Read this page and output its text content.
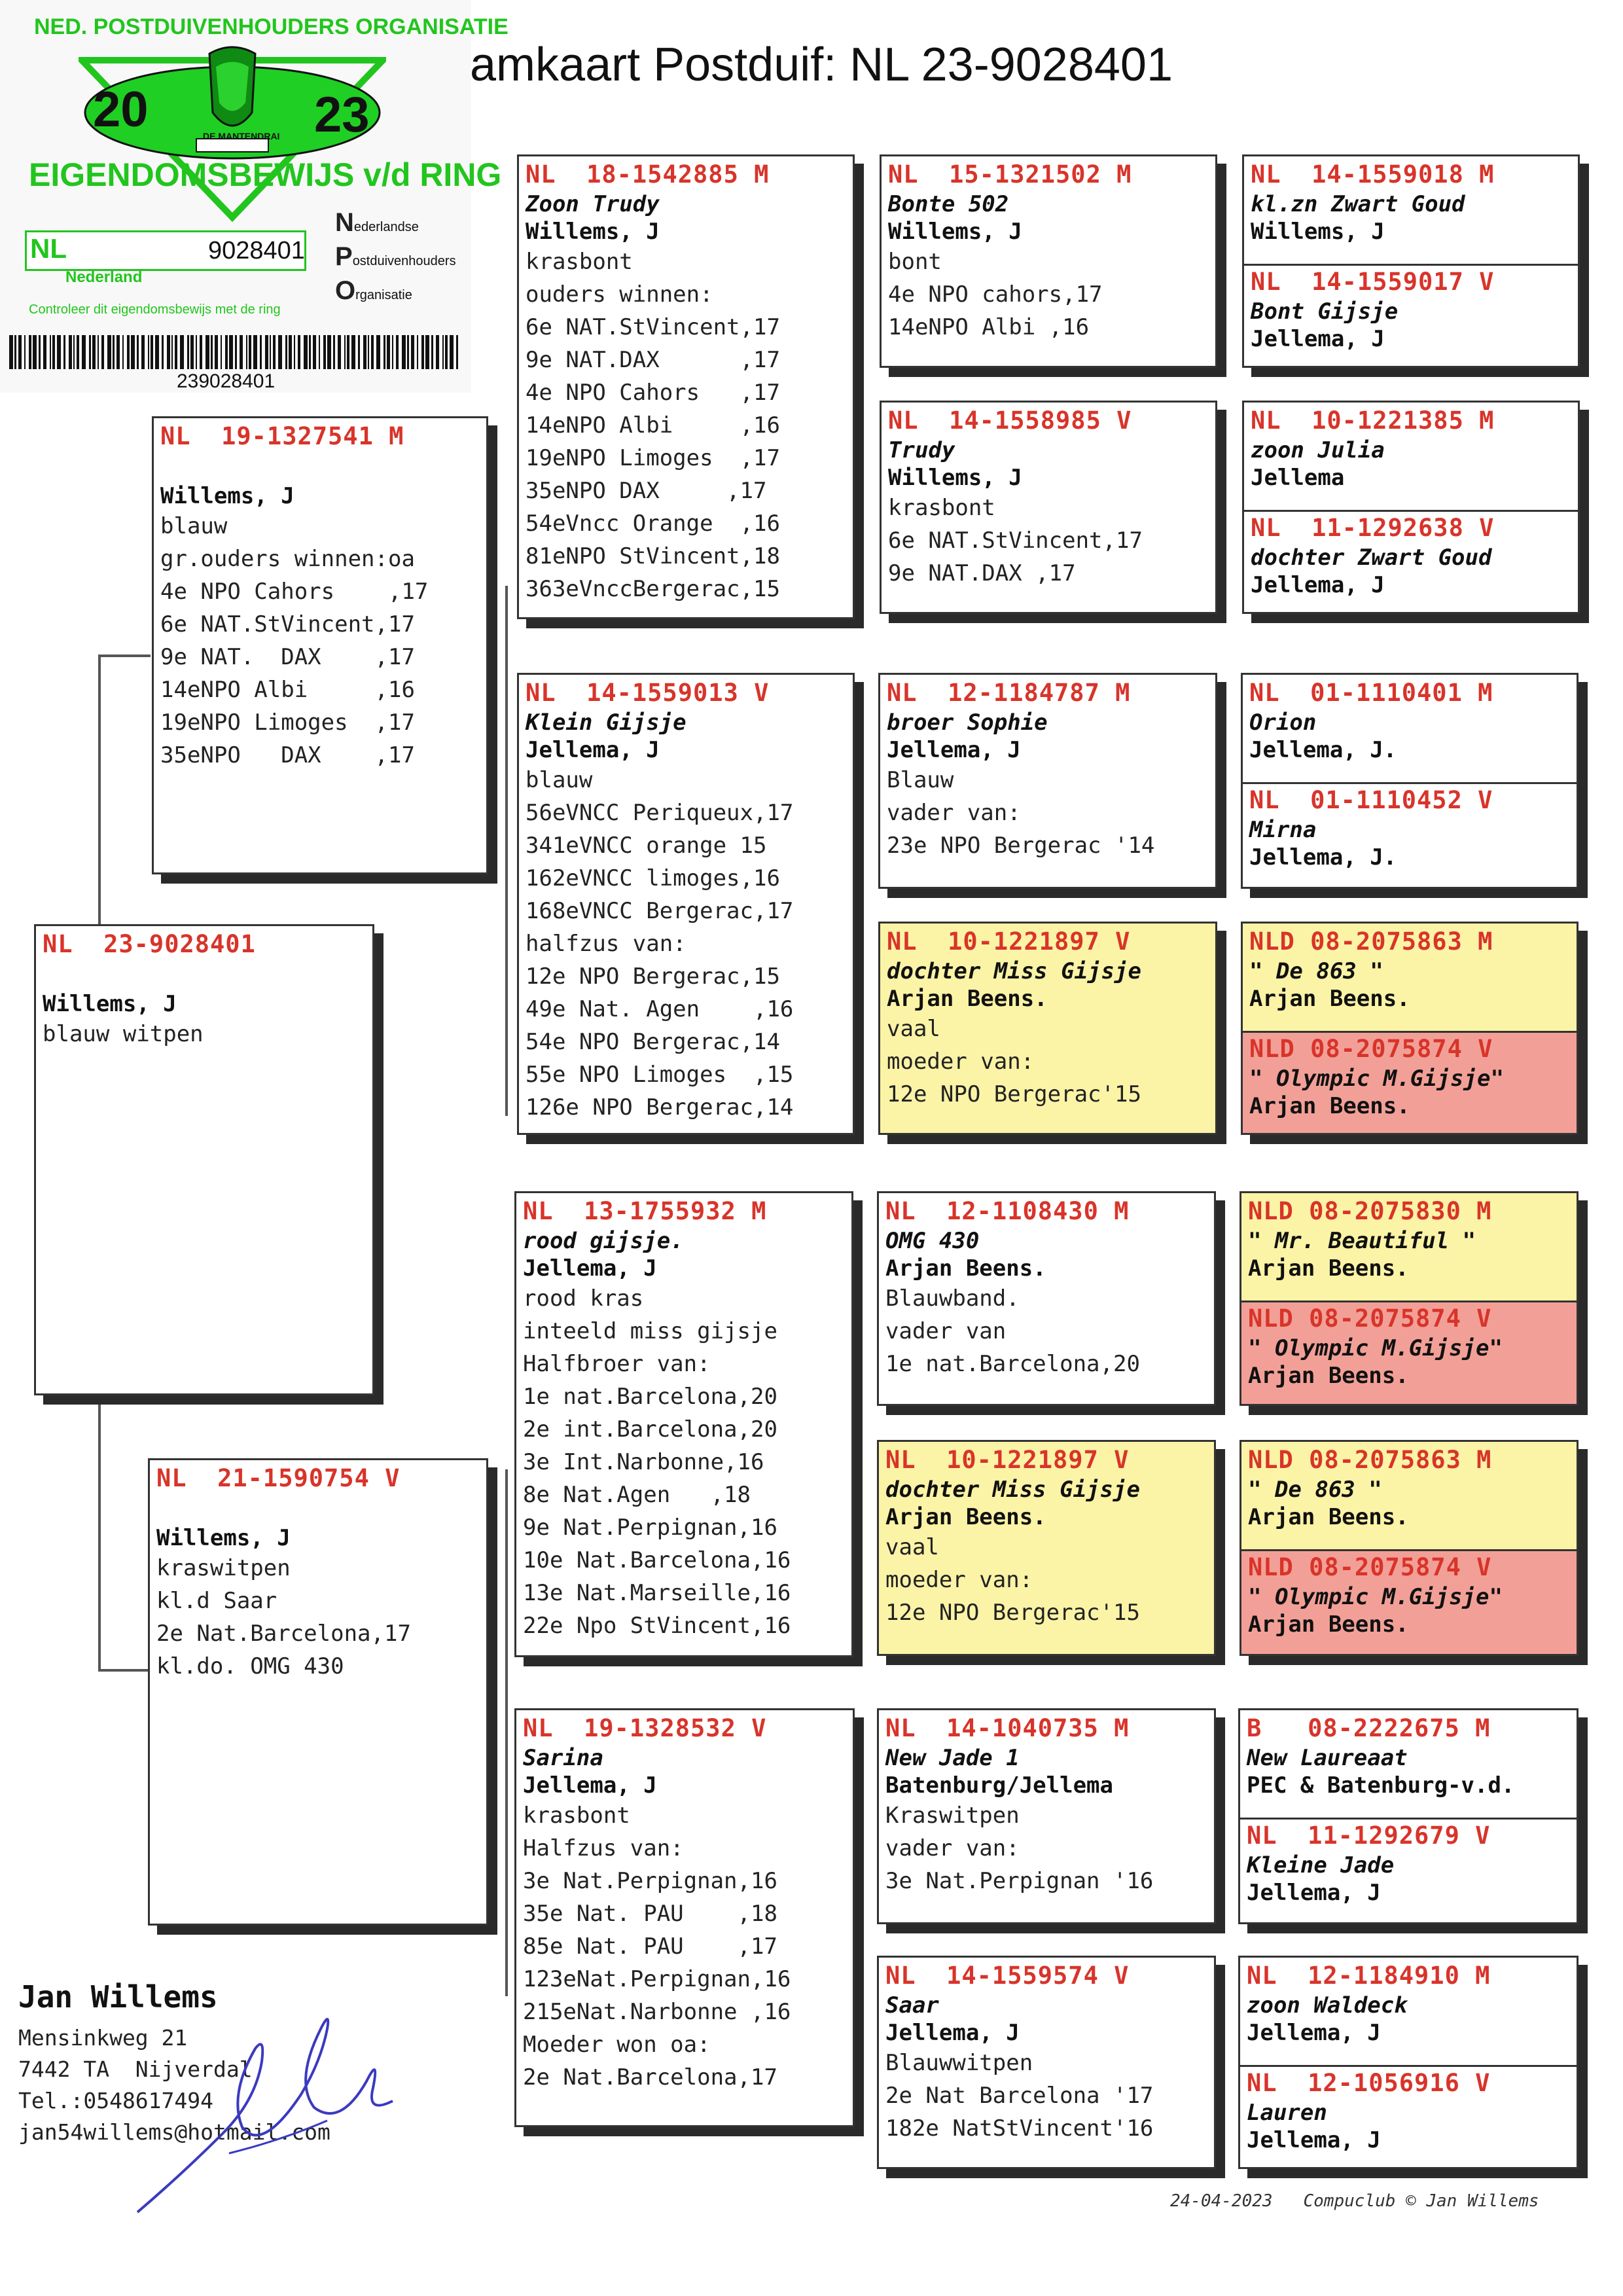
NED. POSTDUIVENHOUDERS ORGANISATIE
20	23
DE MANTENDRAI
EIGENDOMSBEWIJS v/d RING
NL	9028401
Nederland
Controleer dit eigendomsbewijs met de ring
Nederlandse
Postduivenhouders
Organisatie
239028401
amkaart Postduif: NL 23-9028401
NL  23-9028401
Willems, J
blauw witpen
NL  19-1327541 M
Willems, J
blauw
gr.ouders winnen:oa
4e NPO Cahors    ,17
6e NAT.StVincent,17
9e NAT.  DAX    ,17
14eNPO Albi     ,16
19eNPO Limoges  ,17
35eNPO   DAX    ,17
NL  21-1590754 V
Willems, J
kraswitpen
kl.d Saar
2e Nat.Barcelona,17
kl.do. OMG 430
NL  18-1542885 M
Zoon Trudy
Willems, J
krasbont
ouders winnen:
6e NAT.StVincent,17
9e NAT.DAX      ,17
4e NPO Cahors   ,17
14eNPO Albi     ,16
19eNPO Limoges  ,17
35eNPO DAX     ,17
54eVncc Orange  ,16
81eNPO StVincent,18
363eVnccBergerac,15
NL  14-1559013 V
Klein Gijsje
Jellema, J
blauw
56eVNCC Periqueux,17
341eVNCC orange 15
162eVNCC limoges,16
168eVNCC Bergerac,17
halfzus van:
12e NPO Bergerac,15
49e Nat. Agen    ,16
54e NPO Bergerac,14
55e NPO Limoges  ,15
126e NPO Bergerac,14
NL  13-1755932 M
rood gijsje.
Jellema, J
rood kras
inteeld miss gijsje
Halfbroer van:
1e nat.Barcelona,20
2e int.Barcelona,20
3e Int.Narbonne,16
8e Nat.Agen   ,18
9e Nat.Perpignan,16
10e Nat.Barcelona,16
13e Nat.Marseille,16
22e Npo StVincent,16
NL  19-1328532 V
Sarina
Jellema, J
krasbont
Halfzus van:
3e Nat.Perpignan,16
35e Nat. PAU    ,18
85e Nat. PAU    ,17
123eNat.Perpignan,16
215eNat.Narbonne ,16
Moeder won oa:
2e Nat.Barcelona,17
NL  15-1321502 M
Bonte 502
Willems, J
bont
4e NPO cahors,17
14eNPO Albi ,16
NL  14-1558985 V
Trudy
Willems, J
krasbont
6e NAT.StVincent,17
9e NAT.DAX ,17
NL  12-1184787 M
broer Sophie
Jellema, J
Blauw
vader van:
23e NPO Bergerac '14
NL  10-1221897 V
dochter Miss Gijsje
Arjan Beens.
vaal
moeder van:
12e NPO Bergerac'15
NL  12-1108430 M
OMG 430
Arjan Beens.
Blauwband.
vader van
1e nat.Barcelona,20
NL  10-1221897 V
dochter Miss Gijsje
Arjan Beens.
vaal
moeder van:
12e NPO Bergerac'15
NL  14-1040735 M
New Jade 1
Batenburg/Jellema
Kraswitpen
vader van:
3e Nat.Perpignan '16
NL  14-1559574 V
Saar
Jellema, J
Blauwwitpen
2e Nat Barcelona '17
182e NatStVincent'16
NL  14-1559018 M
kl.zn Zwart Goud
Willems, J
NL  14-1559017 V
Bont Gijsje
Jellema, J
NL  10-1221385 M
zoon Julia
Jellema
NL  11-1292638 V
dochter Zwart Goud
Jellema, J
NL  01-1110401 M
Orion
Jellema, J.
NL  01-1110452 V
Mirna
Jellema, J.
NLD 08-2075863 M
" De 863 "
Arjan Beens.
NLD 08-2075874 V
" Olympic M.Gijsje"
Arjan Beens.
NLD 08-2075830 M
" Mr. Beautiful "
Arjan Beens.
NLD 08-2075874 V
" Olympic M.Gijsje"
Arjan Beens.
NLD 08-2075863 M
" De 863 "
Arjan Beens.
NLD 08-2075874 V
" Olympic M.Gijsje"
Arjan Beens.
B   08-2222675 M
New Laureaat
PEC & Batenburg-v.d.
NL  11-1292679 V
Kleine Jade
Jellema, J
NL  12-1184910 M
zoon Waldeck
Jellema, J
NL  12-1056916 V
Lauren
Jellema, J
Jan Willems
Mensinkweg 21
7442 TA  Nijverdal
Tel.:0548617494
jan54willems@hotmail.com
24-04-2023   Compuclub © Jan Willems
